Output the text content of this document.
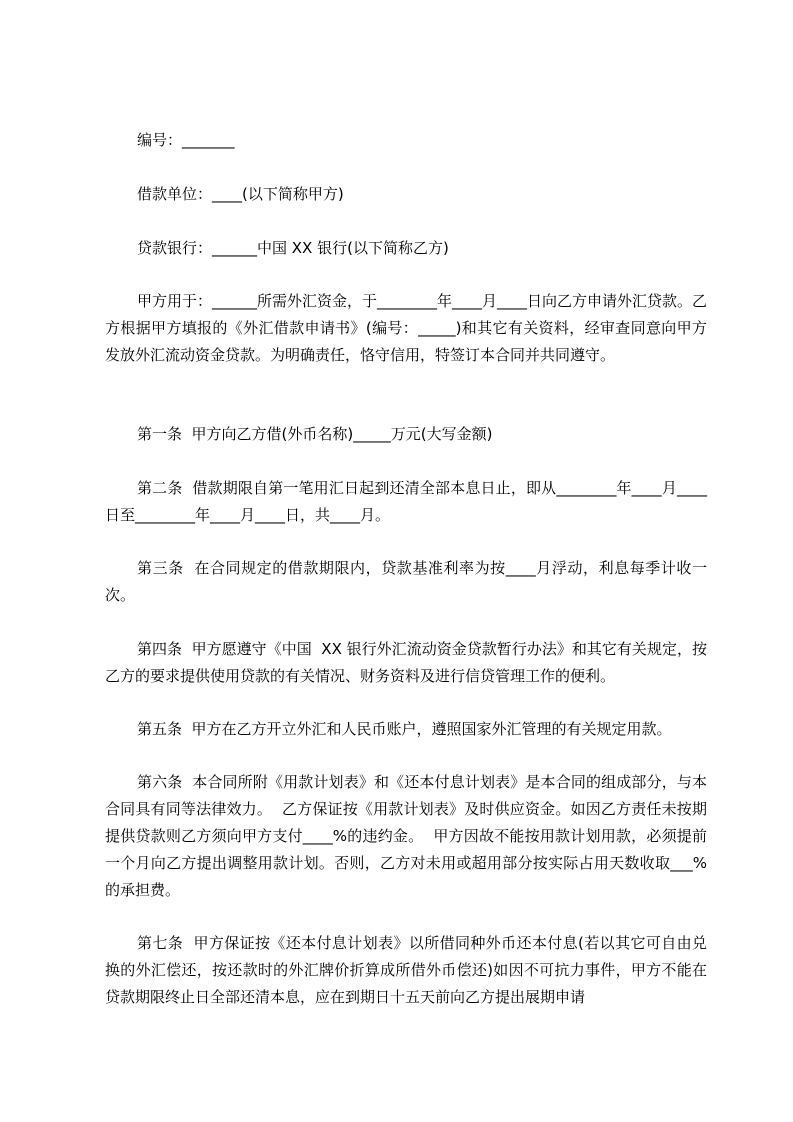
编号：_______

借款单位：____(以下简称甲方)

贷款银行：______中国 XX 银行(以下简称乙方)

甲方用于：______所需外汇资金，于________年____月____日向乙方申请外汇贷款。乙方根据甲方填报的《外汇借款申请书》(编号：_____)和其它有关资料，经审查同意向甲方发放外汇流动资金贷款。为明确责任，恪守信用，特签订本合同并共同遵守。

第一条  甲方向乙方借(外币名称)_____万元(大写金额)

第二条  借款期限自第一笔用汇日起到还清全部本息日止，即从________年____月____日至________年____月____日，共____月。

第三条  在合同规定的借款期限内，贷款基准利率为按____月浮动，利息每季计收一次。

第四条  甲方愿遵守《中国  XX 银行外汇流动资金贷款暂行办法》和其它有关规定，按乙方的要求提供使用贷款的有关情况、财务资料及进行信贷管理工作的便利。

第五条  甲方在乙方开立外汇和人民币账户，遵照国家外汇管理的有关规定用款。

第六条  本合同所附《用款计划表》和《还本付息计划表》是本合同的组成部分，与本合同具有同等法律效力。  乙方保证按《用款计划表》及时供应资金。如因乙方责任未按期提供贷款则乙方须向甲方支付____%的违约金。  甲方因故不能按用款计划用款，必须提前一个月向乙方提出调整用款计划。否则，乙方对未用或超用部分按实际占用天数收取___%的承担费。

第七条  甲方保证按《还本付息计划表》以所借同种外币还本付息(若以其它可自由兑换的外汇偿还，按还款时的外汇牌价折算成所借外币偿还)如因不可抗力事件，甲方不能在贷款期限终止日全部还清本息，应在到期日十五天前向乙方提出展期申请
